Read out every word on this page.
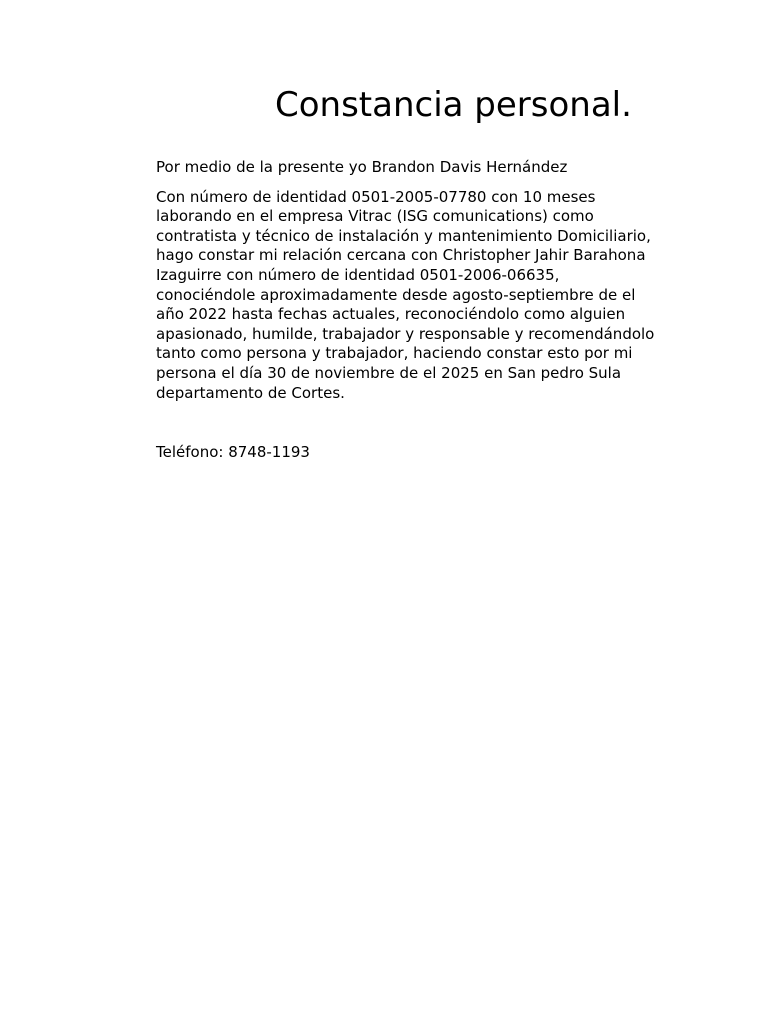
Constancia personal.

Por medio de la presente yo Brandon Davis Hernández

Con número de identidad 0501-2005-07780 con 10 meses laborando en el empresa Vitrac (ISG comunications) como contratista y técnico de instalación y mantenimiento Domiciliario, hago constar mi relación cercana con Christopher Jahir Barahona Izaguirre con número de identidad 0501-2006-06635, conociéndole aproximadamente desde agosto-septiembre de el año 2022 hasta fechas actuales, reconociéndolo como alguien apasionado, humilde, trabajador y responsable y recomendándolo tanto como persona y trabajador, haciendo constar esto por mi persona el día 30 de noviembre de el 2025 en San pedro Sula departamento de Cortes.

Teléfono: 8748-1193
